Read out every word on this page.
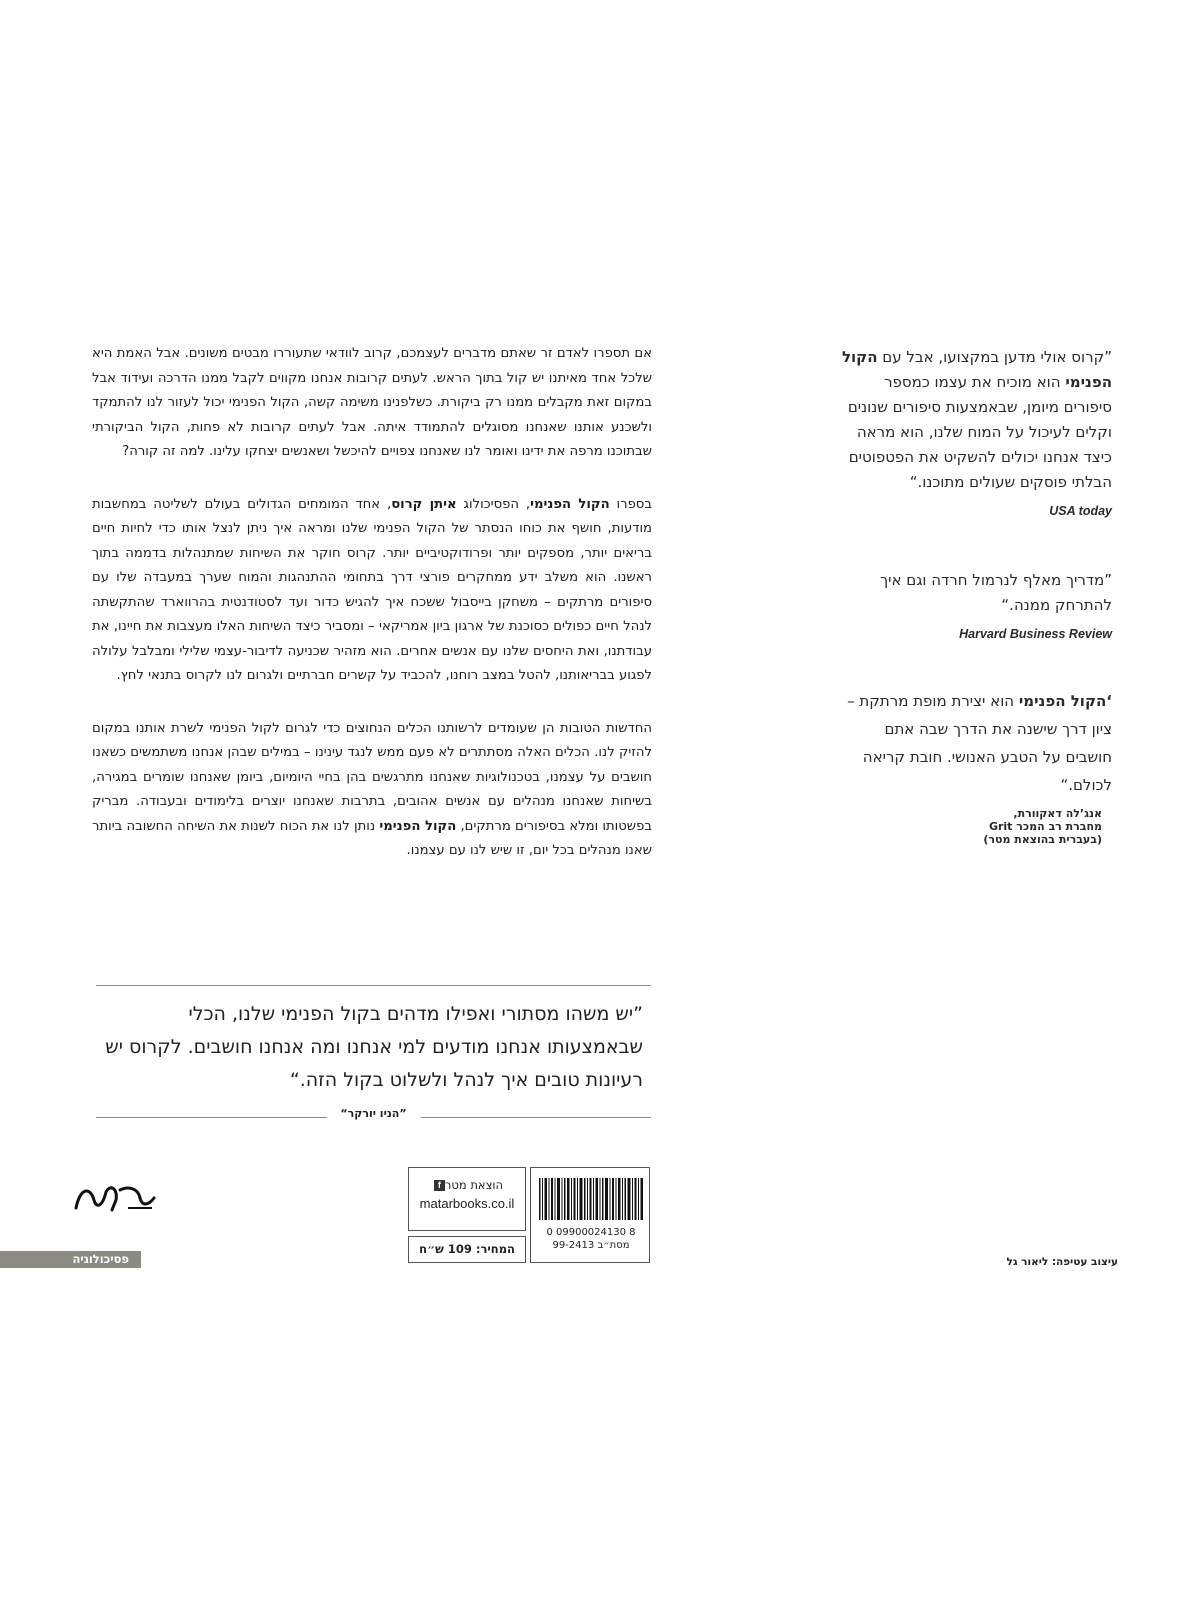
אם תספרו לאדם זר שאתם מדברים לעצמכם, קרוב לוודאי שתעוררו מבטים משונים. אבל האמת היא שלכל אחד מאיתנו יש קול בתוך הראש. לעתים קרובות אנחנו מקווים לקבל ממנו הדרכה ועידוד אבל במקום זאת מקבלים ממנו רק ביקורת. כשלפנינו משימה קשה, הקול הפנימי יכול לעזור לנו להתמקד ולשכנע אותנו שאנחנו מסוגלים להתמודד איתה. אבל לעתים קרובות לא פחות, הקול הביקורתי שבתוכנו מרפה את ידינו ואומר לנו שאנחנו צפויים להיכשל ושאנשים יצחקו עלינו. למה זה קורה?

בספרו הקול הפנימי, הפסיכולוג איתן קרוס, אחד המומחים הגדולים בעולם לשליטה במחשבות מודעות, חושף את כוחו הנסתר של הקול הפנימי שלנו ומראה איך ניתן לנצל אותו כדי לחיות חיים בריאים יותר, מספקים יותר ופרודוקטיביים יותר. קרוס חוקר את השיחות שמתנהלות בדממה בתוך ראשנו. הוא משלב ידע ממחקרים פורצי דרך בתחומי ההתנהגות והמוח שערך במעבדה שלו עם סיפורים מרתקים – משחקן בייסבול ששכח איך להגיש כדור ועד לסטודנטית בהרווארד שהתקשתה לנהל חיים כפולים כסוכנת של ארגון ביון אמריקאי – ומסביר כיצד השיחות האלו מעצבות את חיינו, את עבודתנו, ואת היחסים שלנו עם אנשים אחרים. הוא מזהיר שכניעה לדיבור-עצמי שלילי ומבלבל עלולה לפגוע בבריאותנו, להטל במצב רוחנו, להכביד על קשרים חברתיים ולגרום לנו לקרוס בתנאי לחץ.

החדשות הטובות הן שעומדים לרשותנו הכלים הנחוצים כדי לגרום לקול הפנימי לשרת אותנו במקום להזיק לנו. הכלים האלה מסתתרים לא פעם ממש לנגד עינינו – במילים שבהן אנחנו משתמשים כשאנו חושבים על עצמנו, בטכנולוגיות שאנחנו מתרגשים בהן בחיי היומיום, ביומן שאנחנו שומרים במגירה, בשיחות שאנחנו מנהלים עם אנשים אהובים, בתרבות שאנחנו יוצרים בלימודים ובעבודה. מבריק בפשטותו ומלא בסיפורים מרתקים, הקול הפנימי נותן לנו את הכוח לשנות את השיחה החשובה ביותר שאנו מנהלים בכל יום, זו שיש לנו עם עצמנו.

”קרוס אולי מדען במקצועו, אבל עם הקול הפנימי הוא מוכיח את עצמו כמספר סיפורים מיומן, שבאמצעות סיפורים שנונים וקלים לעיכול על המוח שלנו, הוא מראה כיצד אנחנו יכולים להשקיט את הפטפוטים הבלתי פוסקים שעולים מתוכנו.“

USA today

”מדריך מאלף לנרמול חרדה וגם איך להתרחק ממנה.“

Harvard Business Review

‘הקול הפנימי הוא יצירת מופת מרתקת – ציון דרך שישנה את הדרך שבה אתם חושבים על הטבע האנושי. חובת קריאה לכולם.“

אנג’לה דאקוורת,
מחברת רב המכר Grit
(בעברית בהוצאת מטר)
”יש משהו מסתורי ואפילו מדהים בקול הפנימי שלנו, הכלי שבאמצעותו אנחנו מודעים למי אנחנו ומה אנחנו חושבים. לקרוס יש רעיונות טובים איך לנהל ולשלוט בקול הזה.“
”הניו יורקר“
0 09900024130 8
מסת״ב 99-2413
הוצאת מטרf
matarbooks.co.il
המחיר: 109 ש״ח
פסיכולוגיה	עיצוב עטיפה: ליאור גל
